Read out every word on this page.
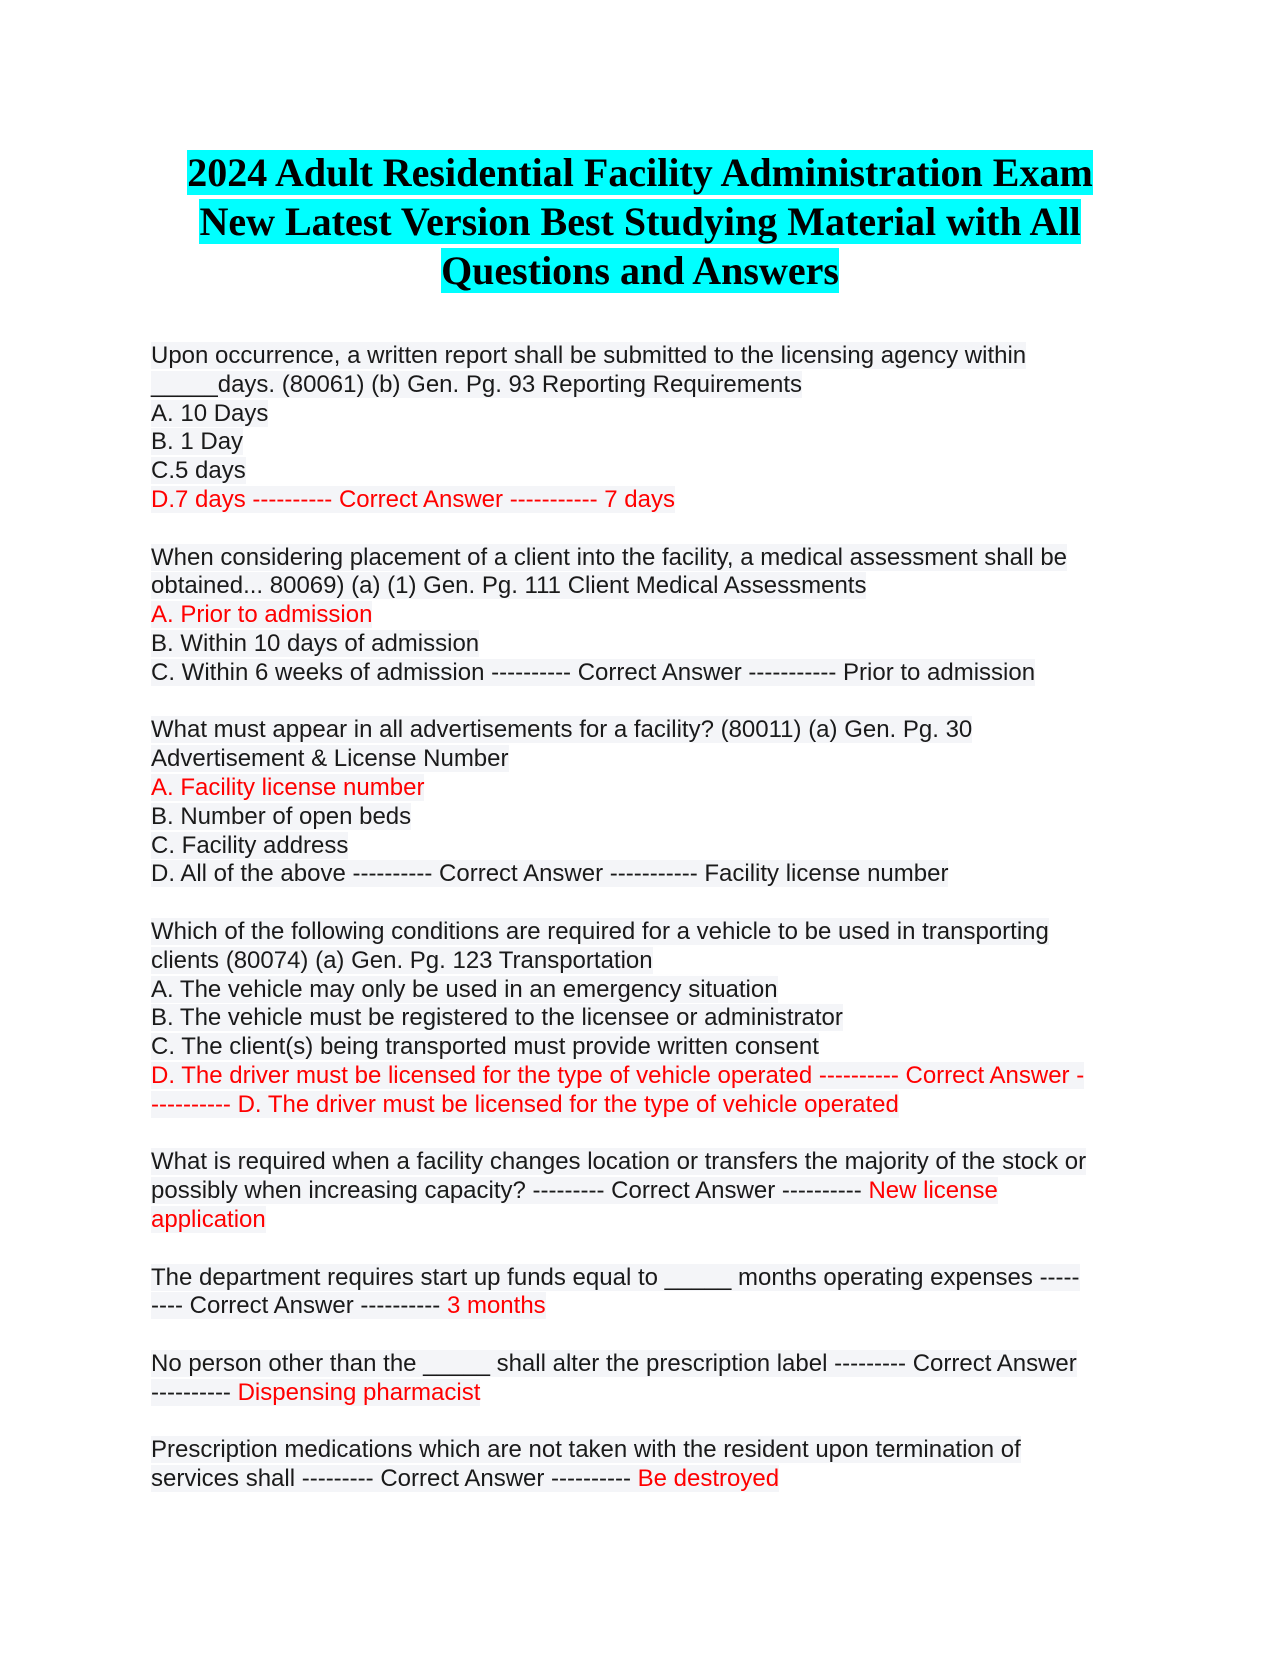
2024 Adult Residential Facility Administration Exam
New Latest Version Best Studying Material with All
Questions and Answers
Upon occurrence, a written report shall be submitted to the licensing agency within
_____days. (80061) (b) Gen. Pg. 93 Reporting Requirements
A. 10 Days
B. 1 Day
C.5 days
D.7 days ---------- Correct Answer ----------- 7 days
When considering placement of a client into the facility, a medical assessment shall be
obtained... 80069) (a) (1) Gen. Pg. 111 Client Medical Assessments
A. Prior to admission
B. Within 10 days of admission
C. Within 6 weeks of admission ---------- Correct Answer ----------- Prior to admission
What must appear in all advertisements for a facility? (80011) (a) Gen. Pg. 30
Advertisement & License Number
A. Facility license number
B. Number of open beds
C. Facility address
D. All of the above ---------- Correct Answer ----------- Facility license number
Which of the following conditions are required for a vehicle to be used in transporting
clients (80074) (a) Gen. Pg. 123 Transportation
A. The vehicle may only be used in an emergency situation
B. The vehicle must be registered to the licensee or administrator
C. The client(s) being transported must provide written consent
D. The driver must be licensed for the type of vehicle operated ---------- Correct Answer -
---------- D. The driver must be licensed for the type of vehicle operated
What is required when a facility changes location or transfers the majority of the stock or
possibly when increasing capacity? --------- Correct Answer ---------- New license
application
The department requires start up funds equal to _____ months operating expenses -----
---- Correct Answer ---------- 3 months
No person other than the _____ shall alter the prescription label --------- Correct Answer
---------- Dispensing pharmacist
Prescription medications which are not taken with the resident upon termination of
services shall --------- Correct Answer ---------- Be destroyed
